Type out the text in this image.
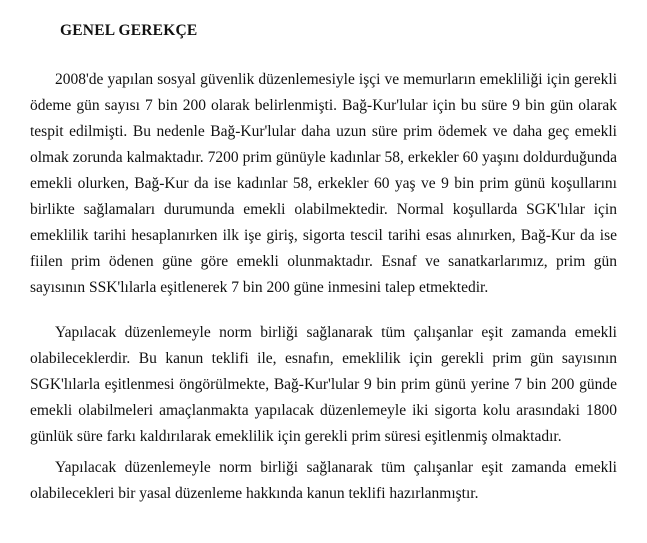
GENEL GEREKÇE

2008'de yapılan sosyal güvenlik düzenlemesiyle işçi ve memurların emekliliği için gerekli ödeme gün sayısı 7 bin 200 olarak belirlenmişti. Bağ-Kur'lular için bu süre 9 bin gün olarak tespit edilmişti. Bu nedenle Bağ-Kur'lular daha uzun süre prim ödemek ve daha geç emekli olmak zorunda kalmaktadır. 7200 prim günüyle kadınlar 58, erkekler 60 yaşını doldurduğunda emekli olurken, Bağ-Kur da ise kadınlar 58, erkekler 60 yaş ve 9 bin prim günü koşullarını birlikte sağlamaları durumunda emekli olabilmektedir. Normal koşullarda SGK'lılar için emeklilik tarihi hesaplanırken ilk işe giriş, sigorta tescil tarihi esas alınırken, Bağ-Kur da ise fiilen prim ödenen güne göre emekli olunmaktadır. Esnaf ve sanatkarlarımız, prim gün sayısının SSK'lılarla eşitlenerek 7 bin 200 güne inmesini talep etmektedir.

Yapılacak düzenlemeyle norm birliği sağlanarak tüm çalışanlar eşit zamanda emekli olabileceklerdir. Bu kanun teklifi ile, esnafın, emeklilik için gerekli prim gün sayısının SGK'lılarla eşitlenmesi öngörülmekte, Bağ-Kur'lular 9 bin prim günü yerine 7 bin 200 günde emekli olabilmeleri amaçlanmakta yapılacak düzenlemeyle iki sigorta kolu arasındaki 1800 günlük süre farkı kaldırılarak emeklilik için gerekli prim süresi eşitlenmiş olmaktadır.

Yapılacak düzenlemeyle norm birliği sağlanarak tüm çalışanlar eşit zamanda emekli olabilecekleri bir yasal düzenleme hakkında kanun teklifi hazırlanmıştır.
